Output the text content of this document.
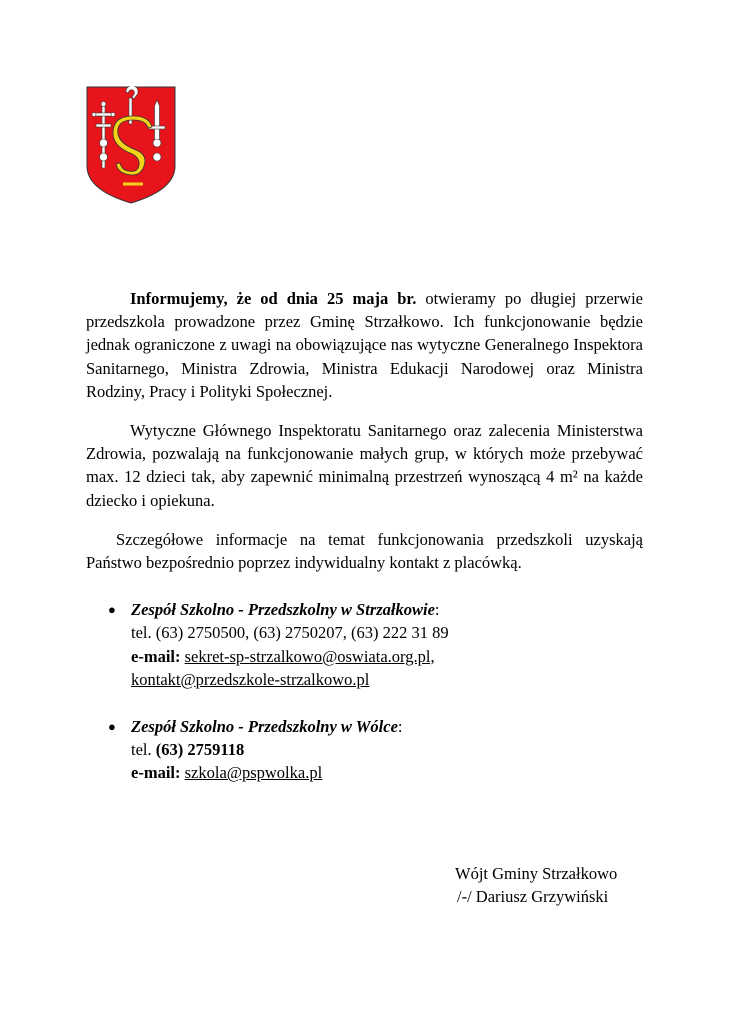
Informujemy, że od dnia 25 maja br. otwieramy po długiej przerwie przedszkola prowadzone przez Gminę Strzałkowo. Ich funkcjonowanie będzie jednak ograniczone z uwagi na obowiązujące nas wytyczne Generalnego Inspektora Sanitarnego, Ministra Zdrowia, Ministra Edukacji Narodowej oraz Ministra Rodziny, Pracy i Polityki Społecznej.

Wytyczne Głównego Inspektoratu Sanitarnego oraz zalecenia Ministerstwa Zdrowia, pozwalają na funkcjonowanie małych grup, w których może przebywać max. 12 dzieci tak, aby zapewnić minimalną przestrzeń wynoszącą 4 m² na każde dziecko i opiekuna.

Szczegółowe informacje na temat funkcjonowania przedszkoli uzyskają Państwo bezpośrednio poprzez indywidualny kontakt z placówką.

● Zespół Szkolno - Przedszkolny w Strzałkowie:
tel. (63) 2750500, (63) 2750207, (63) 222 31 89
e-mail: sekret-sp-strzalkowo@oswiata.org.pl,
kontakt@przedszkole-strzalkowo.pl
● Zespół Szkolno - Przedszkolny w Wólce:
tel. (63) 2759118
e-mail: szkola@pspwolka.pl
Wójt Gminy Strzałkowo
/-/ Dariusz Grzywiński
